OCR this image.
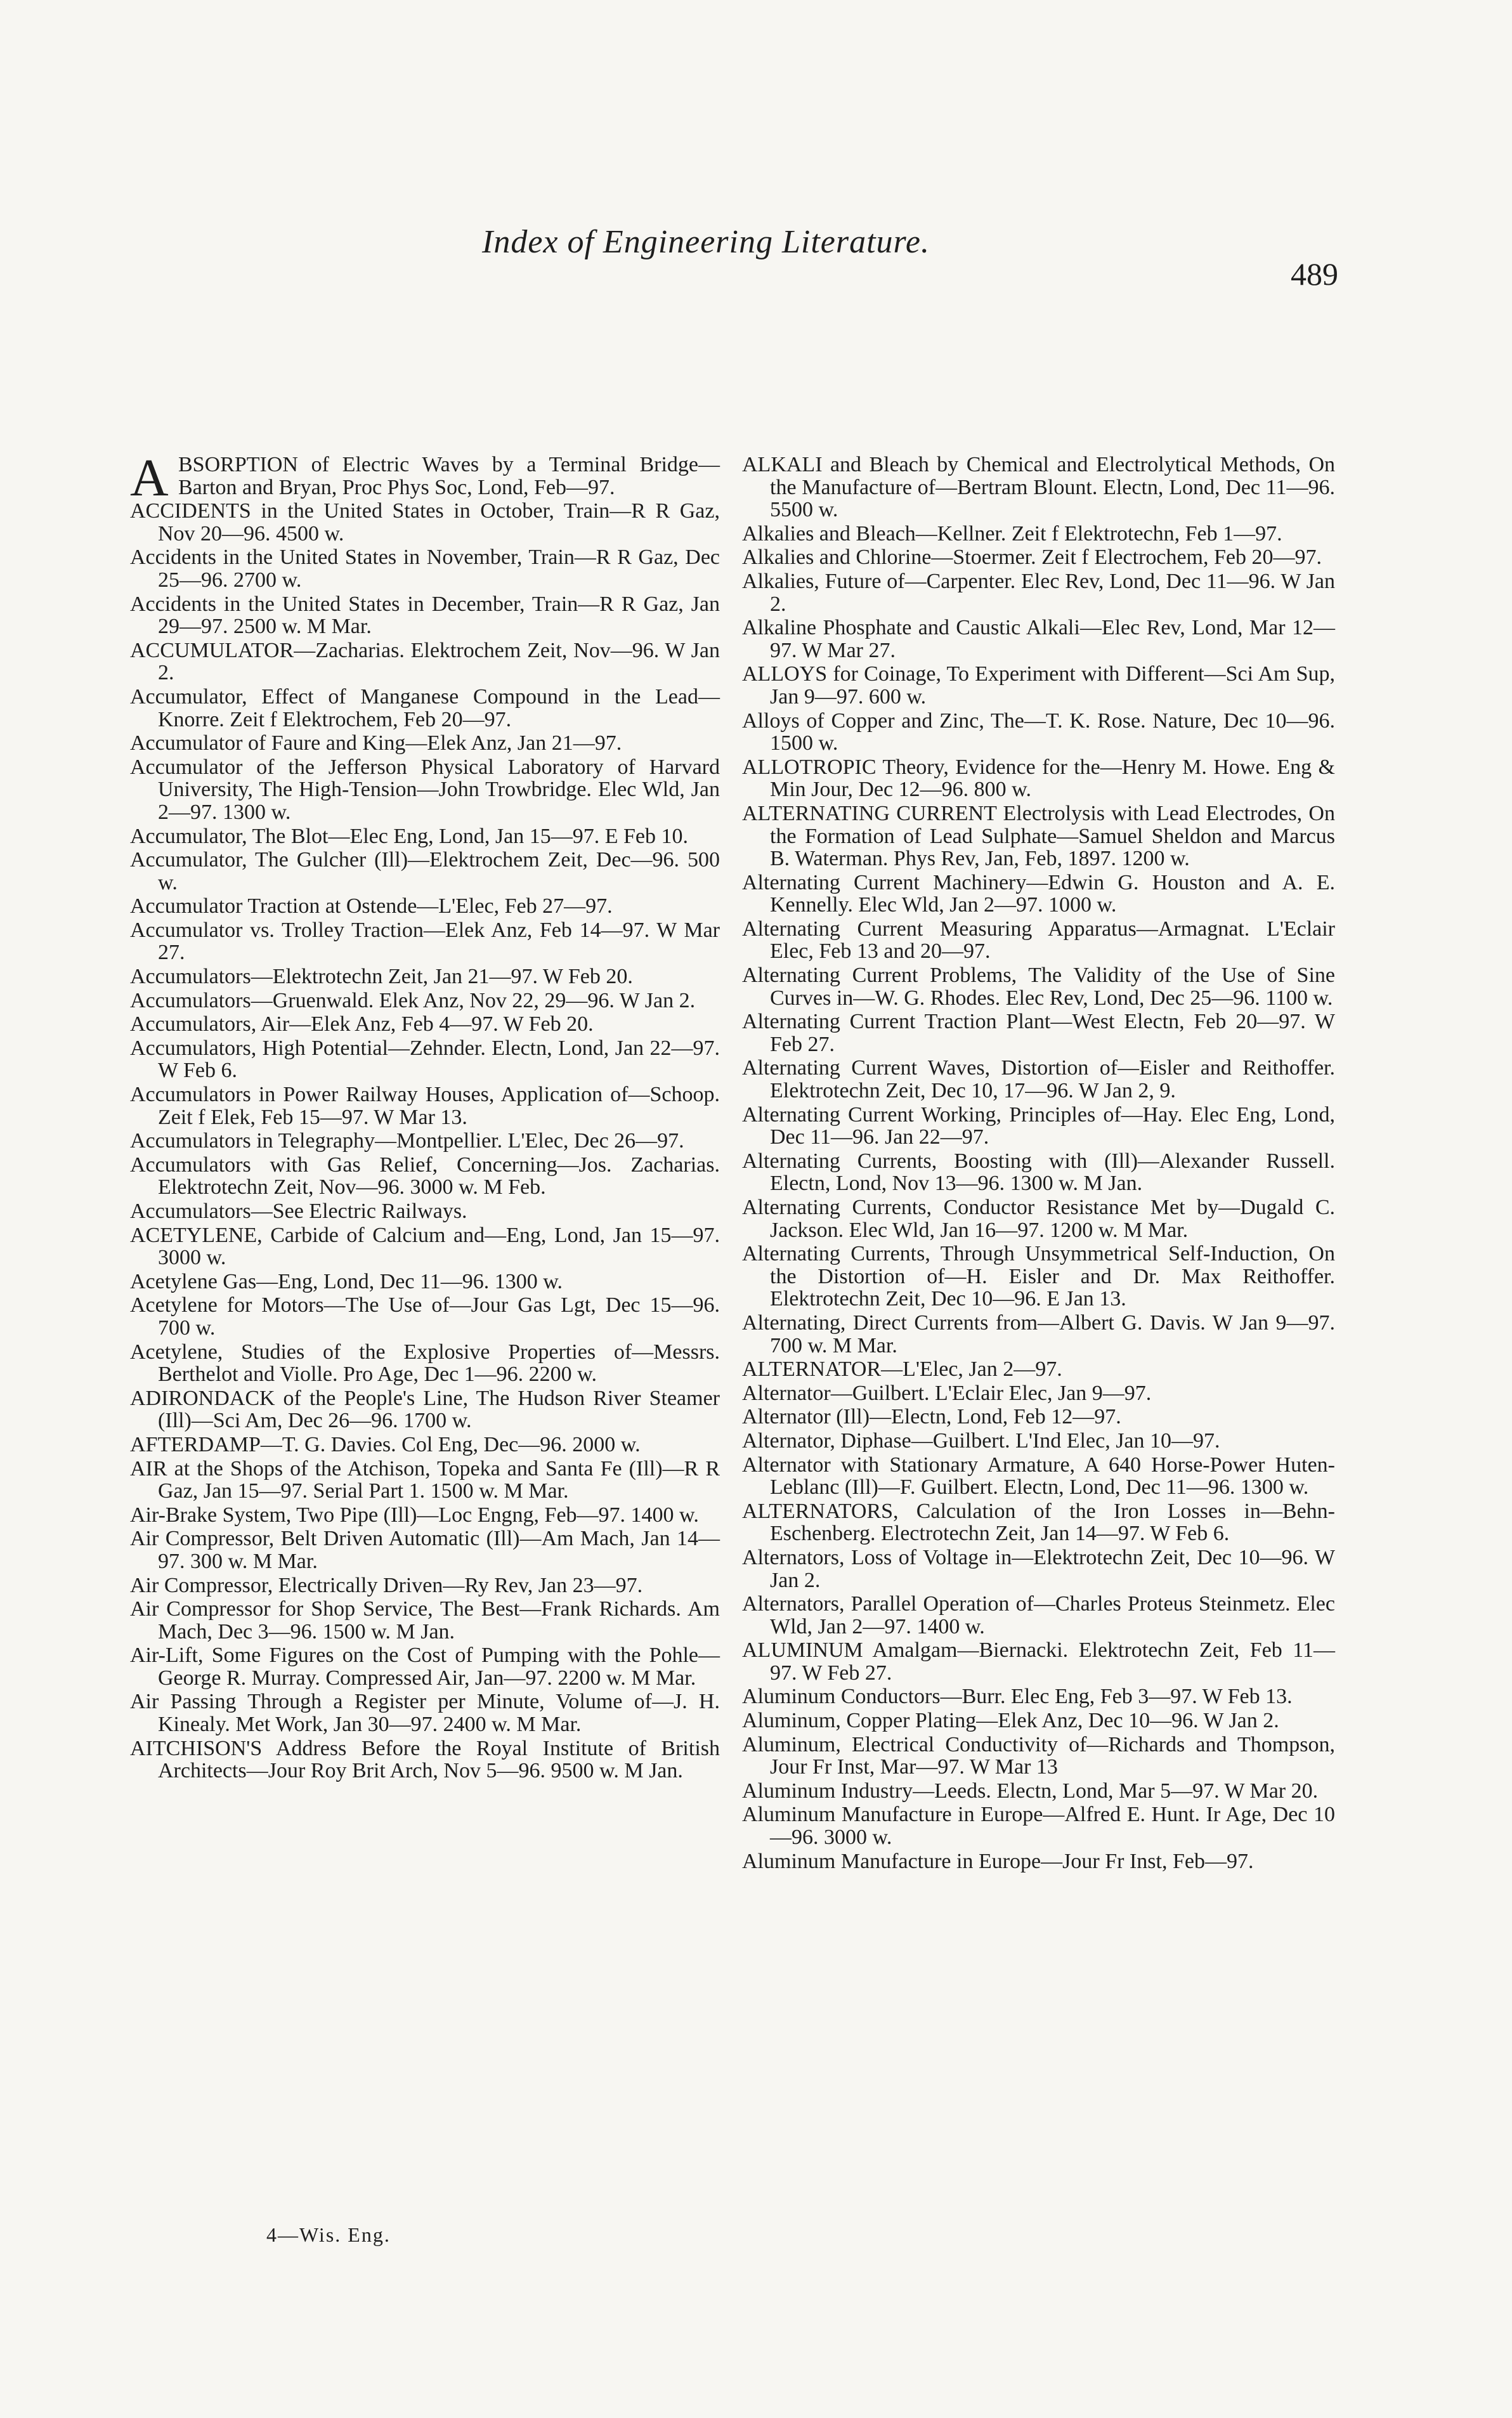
Index of Engineering Literature.
489

A BSORPTION of Electric Waves by a Terminal Bridge—Barton and Bryan, Proc Phys Soc, Lond, Feb—97.

ACCIDENTS in the United States in October, Train—R R Gaz, Nov 20—96. 4500 w.

Accidents in the United States in November, Train—R R Gaz, Dec 25—96. 2700 w.

Accidents in the United States in December, Train—R R Gaz, Jan 29—97. 2500 w. M Mar.

ACCUMULATOR—Zacharias. Elektrochem Zeit, Nov—96. W Jan 2.

Accumulator, Effect of Manganese Compound in the Lead—Knorre. Zeit f Elektrochem, Feb 20—97.

Accumulator of Faure and King—Elek Anz, Jan 21—97.

Accumulator of the Jefferson Physical Laboratory of Harvard University, The High-Tension—John Trowbridge. Elec Wld, Jan 2—97. 1300 w.

Accumulator, The Blot—Elec Eng, Lond, Jan 15—97. E Feb 10.

Accumulator, The Gulcher (Ill)—Elektrochem Zeit, Dec—96. 500 w.

Accumulator Traction at Ostende—L'Elec, Feb 27—97.

Accumulator vs. Trolley Traction—Elek Anz, Feb 14—97. W Mar 27.

Accumulators—Elektrotechn Zeit, Jan 21—97. W Feb 20.

Accumulators—Gruenwald. Elek Anz, Nov 22, 29—96. W Jan 2.

Accumulators, Air—Elek Anz, Feb 4—97. W Feb 20.

Accumulators, High Potential—Zehnder. Electn, Lond, Jan 22—97. W Feb 6.

Accumulators in Power Railway Houses, Application of—Schoop. Zeit f Elek, Feb 15—97. W Mar 13.

Accumulators in Telegraphy—Montpellier. L'Elec, Dec 26—97.

Accumulators with Gas Relief, Concerning—Jos. Zacharias. Elektrotechn Zeit, Nov—96. 3000 w. M Feb.

Accumulators—See Electric Railways.

ACETYLENE, Carbide of Calcium and—Eng, Lond, Jan 15—97. 3000 w.

Acetylene Gas—Eng, Lond, Dec 11—96. 1300 w.

Acetylene for Motors—The Use of—Jour Gas Lgt, Dec 15—96. 700 w.

Acetylene, Studies of the Explosive Properties of—Messrs. Berthelot and Violle. Pro Age, Dec 1—96. 2200 w.

ADIRONDACK of the People's Line, The Hudson River Steamer (Ill)—Sci Am, Dec 26—96. 1700 w.

AFTERDAMP—T. G. Davies. Col Eng, Dec—96. 2000 w.

AIR at the Shops of the Atchison, Topeka and Santa Fe (Ill)—R R Gaz, Jan 15—97. Serial Part 1. 1500 w. M Mar.

Air-Brake System, Two Pipe (Ill)—Loc Engng, Feb—97. 1400 w.

Air Compressor, Belt Driven Automatic (Ill)—Am Mach, Jan 14—97. 300 w. M Mar.

Air Compressor, Electrically Driven—Ry Rev, Jan 23—97.

Air Compressor for Shop Service, The Best—Frank Richards. Am Mach, Dec 3—96. 1500 w. M Jan.

Air-Lift, Some Figures on the Cost of Pumping with the Pohle—George R. Murray. Compressed Air, Jan—97. 2200 w. M Mar.

Air Passing Through a Register per Minute, Volume of—J. H. Kinealy. Met Work, Jan 30—97. 2400 w. M Mar.

AITCHISON'S Address Before the Royal Institute of British Architects—Jour Roy Brit Arch, Nov 5—96. 9500 w. M Jan.

ALKALI and Bleach by Chemical and Electrolytical Methods, On the Manufacture of—Bertram Blount. Electn, Lond, Dec 11—96. 5500 w.

Alkalies and Bleach—Kellner. Zeit f Elektrotechn, Feb 1—97.

Alkalies and Chlorine—Stoermer. Zeit f Electrochem, Feb 20—97.

Alkalies, Future of—Carpenter. Elec Rev, Lond, Dec 11—96. W Jan 2.

Alkaline Phosphate and Caustic Alkali—Elec Rev, Lond, Mar 12—97. W Mar 27.

ALLOYS for Coinage, To Experiment with Different—Sci Am Sup, Jan 9—97. 600 w.

Alloys of Copper and Zinc, The—T. K. Rose. Nature, Dec 10—96. 1500 w.

ALLOTROPIC Theory, Evidence for the—Henry M. Howe. Eng & Min Jour, Dec 12—96. 800 w.

ALTERNATING CURRENT Electrolysis with Lead Electrodes, On the Formation of Lead Sulphate—Samuel Sheldon and Marcus B. Waterman. Phys Rev, Jan, Feb, 1897. 1200 w.

Alternating Current Machinery—Edwin G. Houston and A. E. Kennelly. Elec Wld, Jan 2—97. 1000 w.

Alternating Current Measuring Apparatus—Armagnat. L'Eclair Elec, Feb 13 and 20—97.

Alternating Current Problems, The Validity of the Use of Sine Curves in—W. G. Rhodes. Elec Rev, Lond, Dec 25—96. 1100 w.

Alternating Current Traction Plant—West Electn, Feb 20—97. W Feb 27.

Alternating Current Waves, Distortion of—Eisler and Reithoffer. Elektrotechn Zeit, Dec 10, 17—96. W Jan 2, 9.

Alternating Current Working, Principles of—Hay. Elec Eng, Lond, Dec 11—96. Jan 22—97.

Alternating Currents, Boosting with (Ill)—Alexander Russell. Electn, Lond, Nov 13—96. 1300 w. M Jan.

Alternating Currents, Conductor Resistance Met by—Dugald C. Jackson. Elec Wld, Jan 16—97. 1200 w. M Mar.

Alternating Currents, Through Unsymmetrical Self-Induction, On the Distortion of—H. Eisler and Dr. Max Reithoffer. Elektrotechn Zeit, Dec 10—96. E Jan 13.

Alternating, Direct Currents from—Albert G. Davis. W Jan 9—97. 700 w. M Mar.

ALTERNATOR—L'Elec, Jan 2—97.

Alternator—Guilbert. L'Eclair Elec, Jan 9—97.

Alternator (Ill)—Electn, Lond, Feb 12—97.

Alternator, Diphase—Guilbert. L'Ind Elec, Jan 10—97.

Alternator with Stationary Armature, A 640 Horse-Power Huten-Leblanc (Ill)—F. Guilbert. Electn, Lond, Dec 11—96. 1300 w.

ALTERNATORS, Calculation of the Iron Losses in—Behn-Eschenberg. Electrotechn Zeit, Jan 14—97. W Feb 6.

Alternators, Loss of Voltage in—Elektrotechn Zeit, Dec 10—96. W Jan 2.

Alternators, Parallel Operation of—Charles Proteus Steinmetz. Elec Wld, Jan 2—97. 1400 w.

ALUMINUM Amalgam—Biernacki. Elektrotechn Zeit, Feb 11—97. W Feb 27.

Aluminum Conductors—Burr. Elec Eng, Feb 3—97. W Feb 13.

Aluminum, Copper Plating—Elek Anz, Dec 10—96. W Jan 2.

Aluminum, Electrical Conductivity of—Richards and Thompson, Jour Fr Inst, Mar—97. W Mar 13

Aluminum Industry—Leeds. Electn, Lond, Mar 5—97. W Mar 20.

Aluminum Manufacture in Europe—Alfred E. Hunt. Ir Age, Dec 10—96. 3000 w.

Aluminum Manufacture in Europe—Jour Fr Inst, Feb—97.

4—Wis. Eng.
